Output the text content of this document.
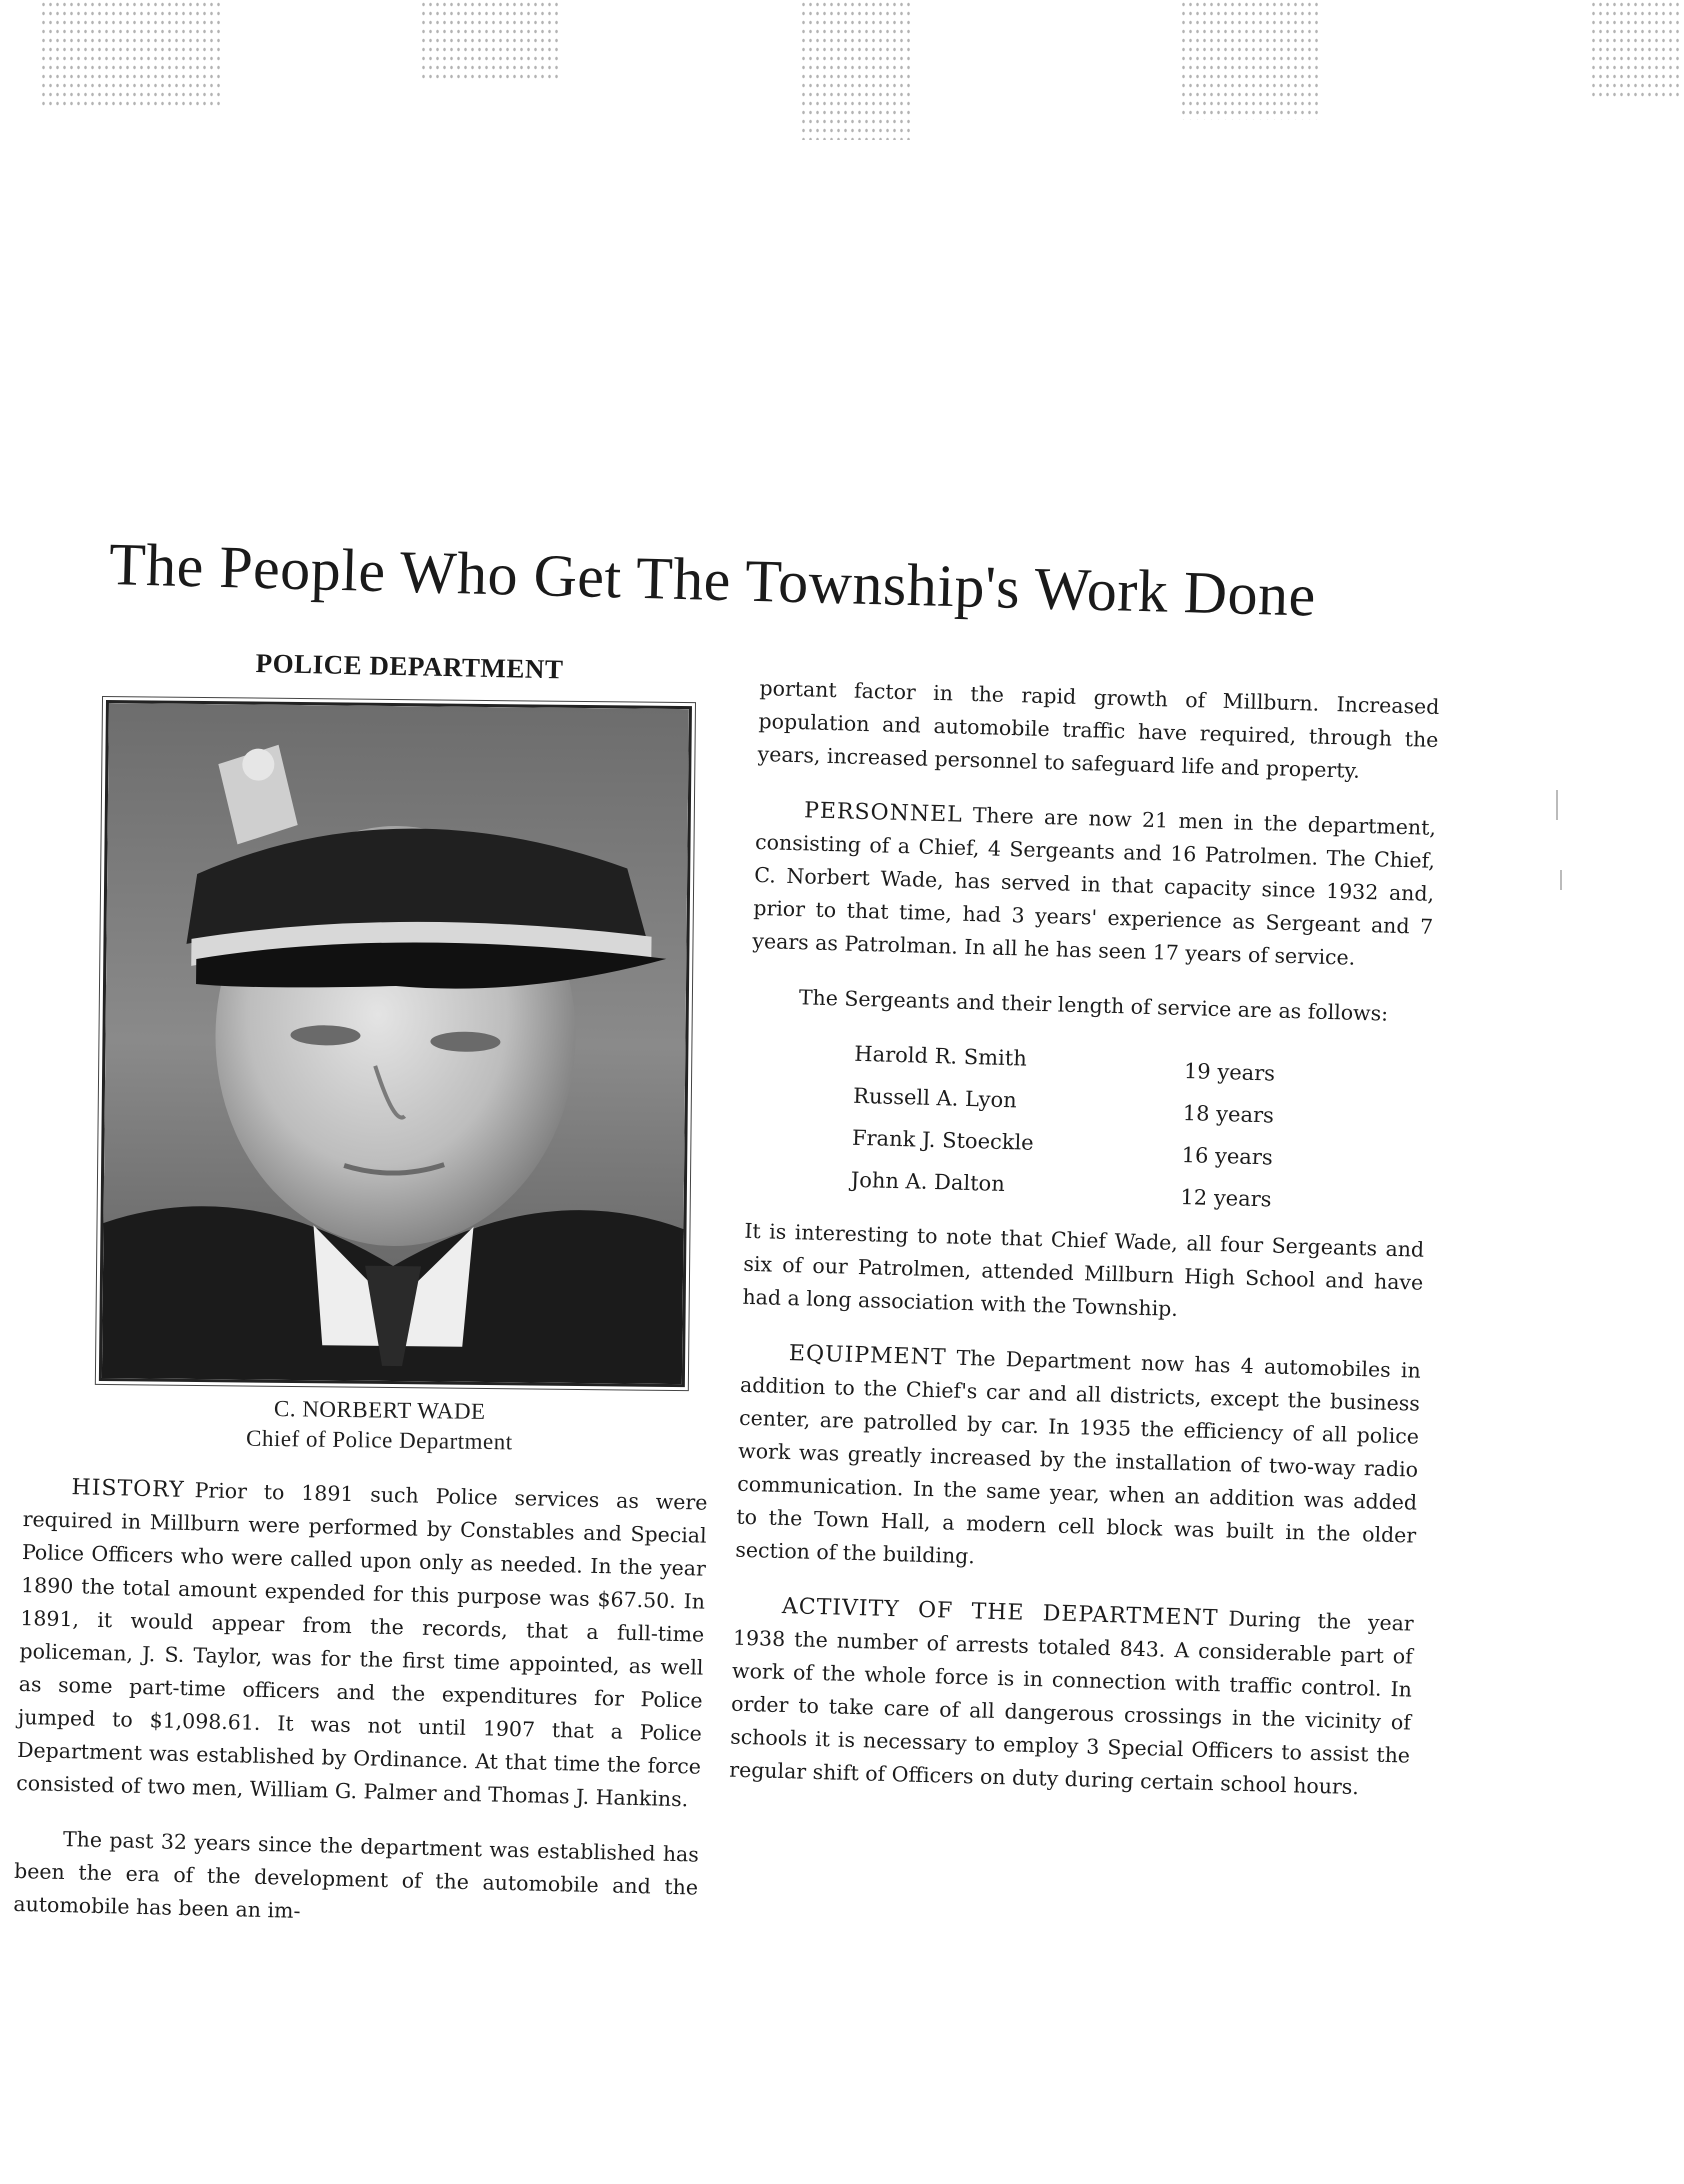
The People Who Get The Township's Work Done
POLICE DEPARTMENT
C. NORBERT WADE
Chief of Police Department

HISTORY Prior to 1891 such Police services as were required in Millburn were performed by Constables and Special Police Officers who were called upon only as needed. In the year 1890 the total amount expended for this purpose was $67.50. In 1891, it would appear from the records, that a full-time policeman, J. S. Taylor, was for the first time appointed, as well as some part-time officers and the expenditures for Police jumped to $1,098.61. It was not until 1907 that a Police Department was established by Ordinance. At that time the force consisted of two men, William G. Palmer and Thomas J. Hankins.

The past 32 years since the department was established has been the era of the development of the automobile and the automobile has been an im-

portant factor in the rapid growth of Millburn. Increased population and automobile traffic have required, through the years, increased personnel to safeguard life and property.

PERSONNEL There are now 21 men in the department, consisting of a Chief, 4 Sergeants and 16 Patrolmen. The Chief, C. Norbert Wade, has served in that capacity since 1932 and, prior to that time, had 3 years' experience as Sergeant and 7 years as Patrolman. In all he has seen 17 years of service.

The Sergeants and their length of service are as follows:

Harold R. Smith
19 years
Russell A. Lyon
18 years
Frank J. Stoeckle
16 years
John A. Dalton
12 years

It is interesting to note that Chief Wade, all four Sergeants and six of our Patrolmen, attended Millburn High School and have had a long association with the Township.

EQUIPMENT The Department now has 4 automobiles in addition to the Chief's car and all districts, except the business center, are patrolled by car. In 1935 the efficiency of all police work was greatly increased by the installation of two-way radio communication. In the same year, when an addition was added to the Town Hall, a modern cell block was built in the older section of the building.

ACTIVITY OF THE DEPARTMENT During the year 1938 the number of arrests totaled 843. A considerable part of work of the whole force is in connection with traffic control. In order to take care of all dangerous crossings in the vicinity of schools it is necessary to employ 3 Special Officers to assist the regular shift of Officers on duty during certain school hours.
